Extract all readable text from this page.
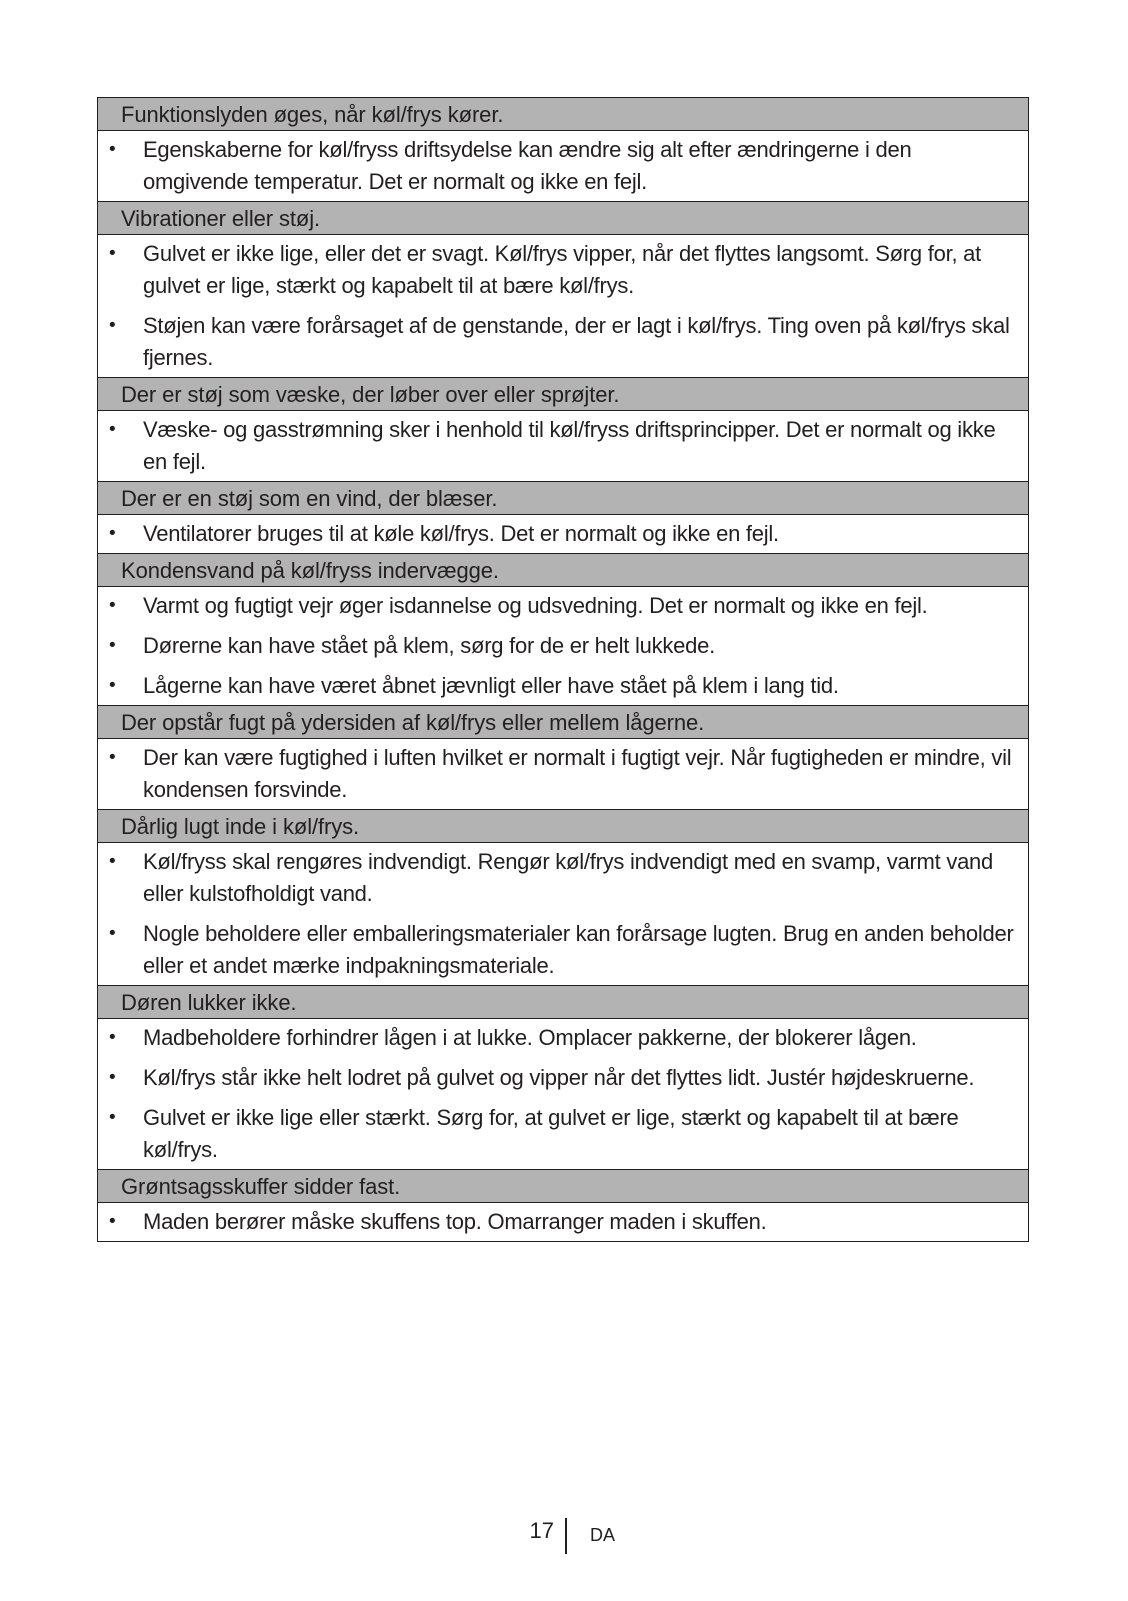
Funktionslyden øges, når køl/frys kører.
•	Egenskaberne for køl/fryss driftsydelse kan ændre sig alt efter ændringerne i den omgivende temperatur. Det er normalt og ikke en fejl.
Vibrationer eller støj.
•	Gulvet er ikke lige, eller det er svagt. Køl/frys vipper, når det flyttes langsomt. Sørg for, at gulvet er lige, stærkt og kapabelt til at bære køl/frys.
•	Støjen kan være forårsaget af de genstande, der er lagt i køl/frys. Ting oven på køl/frys skal fjernes.
Der er støj som væske, der løber over eller sprøjter.
•	Væske- og gasstrømning sker i henhold til køl/fryss driftsprincipper. Det er normalt og ikke en fejl.
Der er en støj som en vind, der blæser.
•	Ventilatorer bruges til at køle køl/frys. Det er normalt og ikke en fejl.
Kondensvand på køl/fryss indervægge.
•	Varmt og fugtigt vejr øger isdannelse og udsvedning. Det er normalt og ikke en fejl.
•	Dørerne kan have stået på klem, sørg for de er helt lukkede.
•	Lågerne kan have været åbnet jævnligt eller have stået på klem i lang tid.
Der opstår fugt på ydersiden af køl/frys eller mellem lågerne.
•	Der kan være fugtighed i luften hvilket er normalt i fugtigt vejr. Når fugtigheden er mindre, vil kondensen forsvinde.
Dårlig lugt inde i køl/frys.
•	Køl/fryss skal rengøres indvendigt. Rengør køl/frys indvendigt med en svamp, varmt vand eller kulstofholdigt vand.
•	Nogle beholdere eller emballeringsmaterialer kan forårsage lugten. Brug en anden beholder eller et andet mærke indpakningsmateriale.
Døren lukker ikke.
•	Madbeholdere forhindrer lågen i at lukke. Omplacer pakkerne, der blokerer lågen.
•	Køl/frys står ikke helt lodret på gulvet og vipper når det flyttes lidt. Justér højdeskruerne.
•	Gulvet er ikke lige eller stærkt. Sørg for, at gulvet er lige, stærkt og kapabelt til at bære køl/frys.
Grøntsagsskuffer sidder fast.
•	Maden berører måske skuffens top. Omarranger maden i skuffen.
17 DA
